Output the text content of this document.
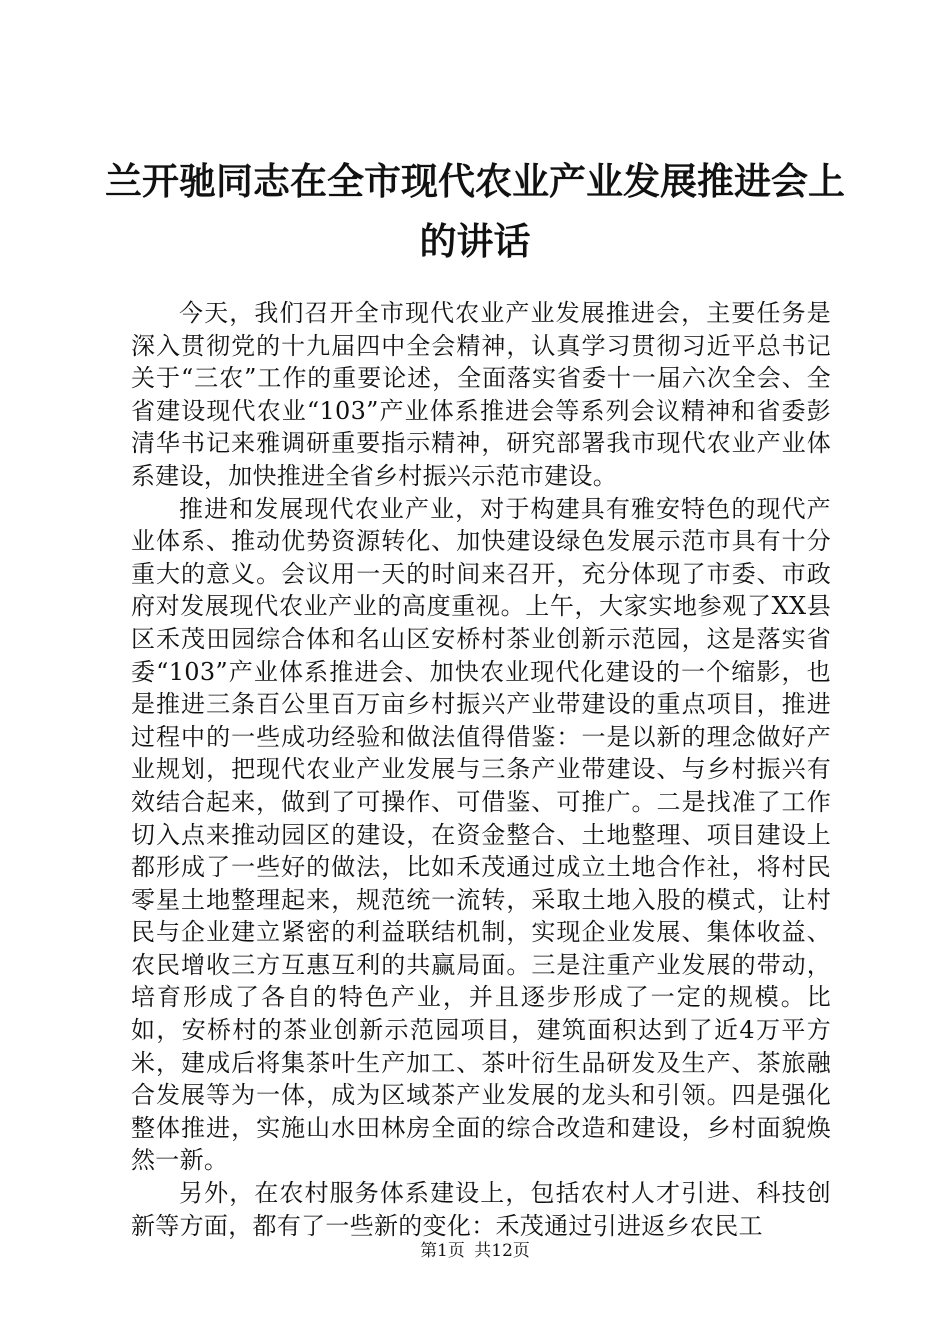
兰开驰同志在全市现代农业产业发展推进会上
的讲话

今天，我们召开全市现代农业产业发展推进会，主要任务是深入贯彻党的十九届四中全会精神，认真学习贯彻习近平总书记关于“三农”工作的重要论述，全面落实省委十一届六次全会、全省建设现代农业“103”产业体系推进会等系列会议精神和省委彭清华书记来雅调研重要指示精神，研究部署我市现代农业产业体系建设，加快推进全省乡村振兴示范市建设。

推进和发展现代农业产业，对于构建具有雅安特色的现代产业体系、推动优势资源转化、加快建设绿色发展示范市具有十分重大的意义。会议用一天的时间来召开，充分体现了市委、市政府对发展现代农业产业的高度重视。上午，大家实地参观了XX县区禾茂田园综合体和名山区安桥村茶业创新示范园，这是落实省委“103”产业体系推进会、加快农业现代化建设的一个缩影，也是推进三条百公里百万亩乡村振兴产业带建设的重点项目，推进过程中的一些成功经验和做法值得借鉴：一是以新的理念做好产业规划，把现代农业产业发展与三条产业带建设、与乡村振兴有效结合起来，做到了可操作、可借鉴、可推广。二是找准了工作切入点来推动园区的建设，在资金整合、土地整理、项目建设上都形成了一些好的做法，比如禾茂通过成立土地合作社，将村民零星土地整理起来，规范统一流转，采取土地入股的模式，让村民与企业建立紧密的利益联结机制，实现企业发展、集体收益、农民增收三方互惠互利的共赢局面。三是注重产业发展的带动，培育形成了各自的特色产业，并且逐步形成了一定的规模。比如，安桥村的茶业创新示范园项目，建筑面积达到了近4万平方米，建成后将集茶叶生产加工、茶叶衍生品研发及生产、茶旅融合发展等为一体，成为区域茶产业发展的龙头和引领。四是强化整体推进，实施山水田林房全面的综合改造和建设，乡村面貌焕然一新。

另外，在农村服务体系建设上，包括农村人才引进、科技创新等方面，都有了一些新的变化：禾茂通过引进返乡农民工

第1页 共12页
